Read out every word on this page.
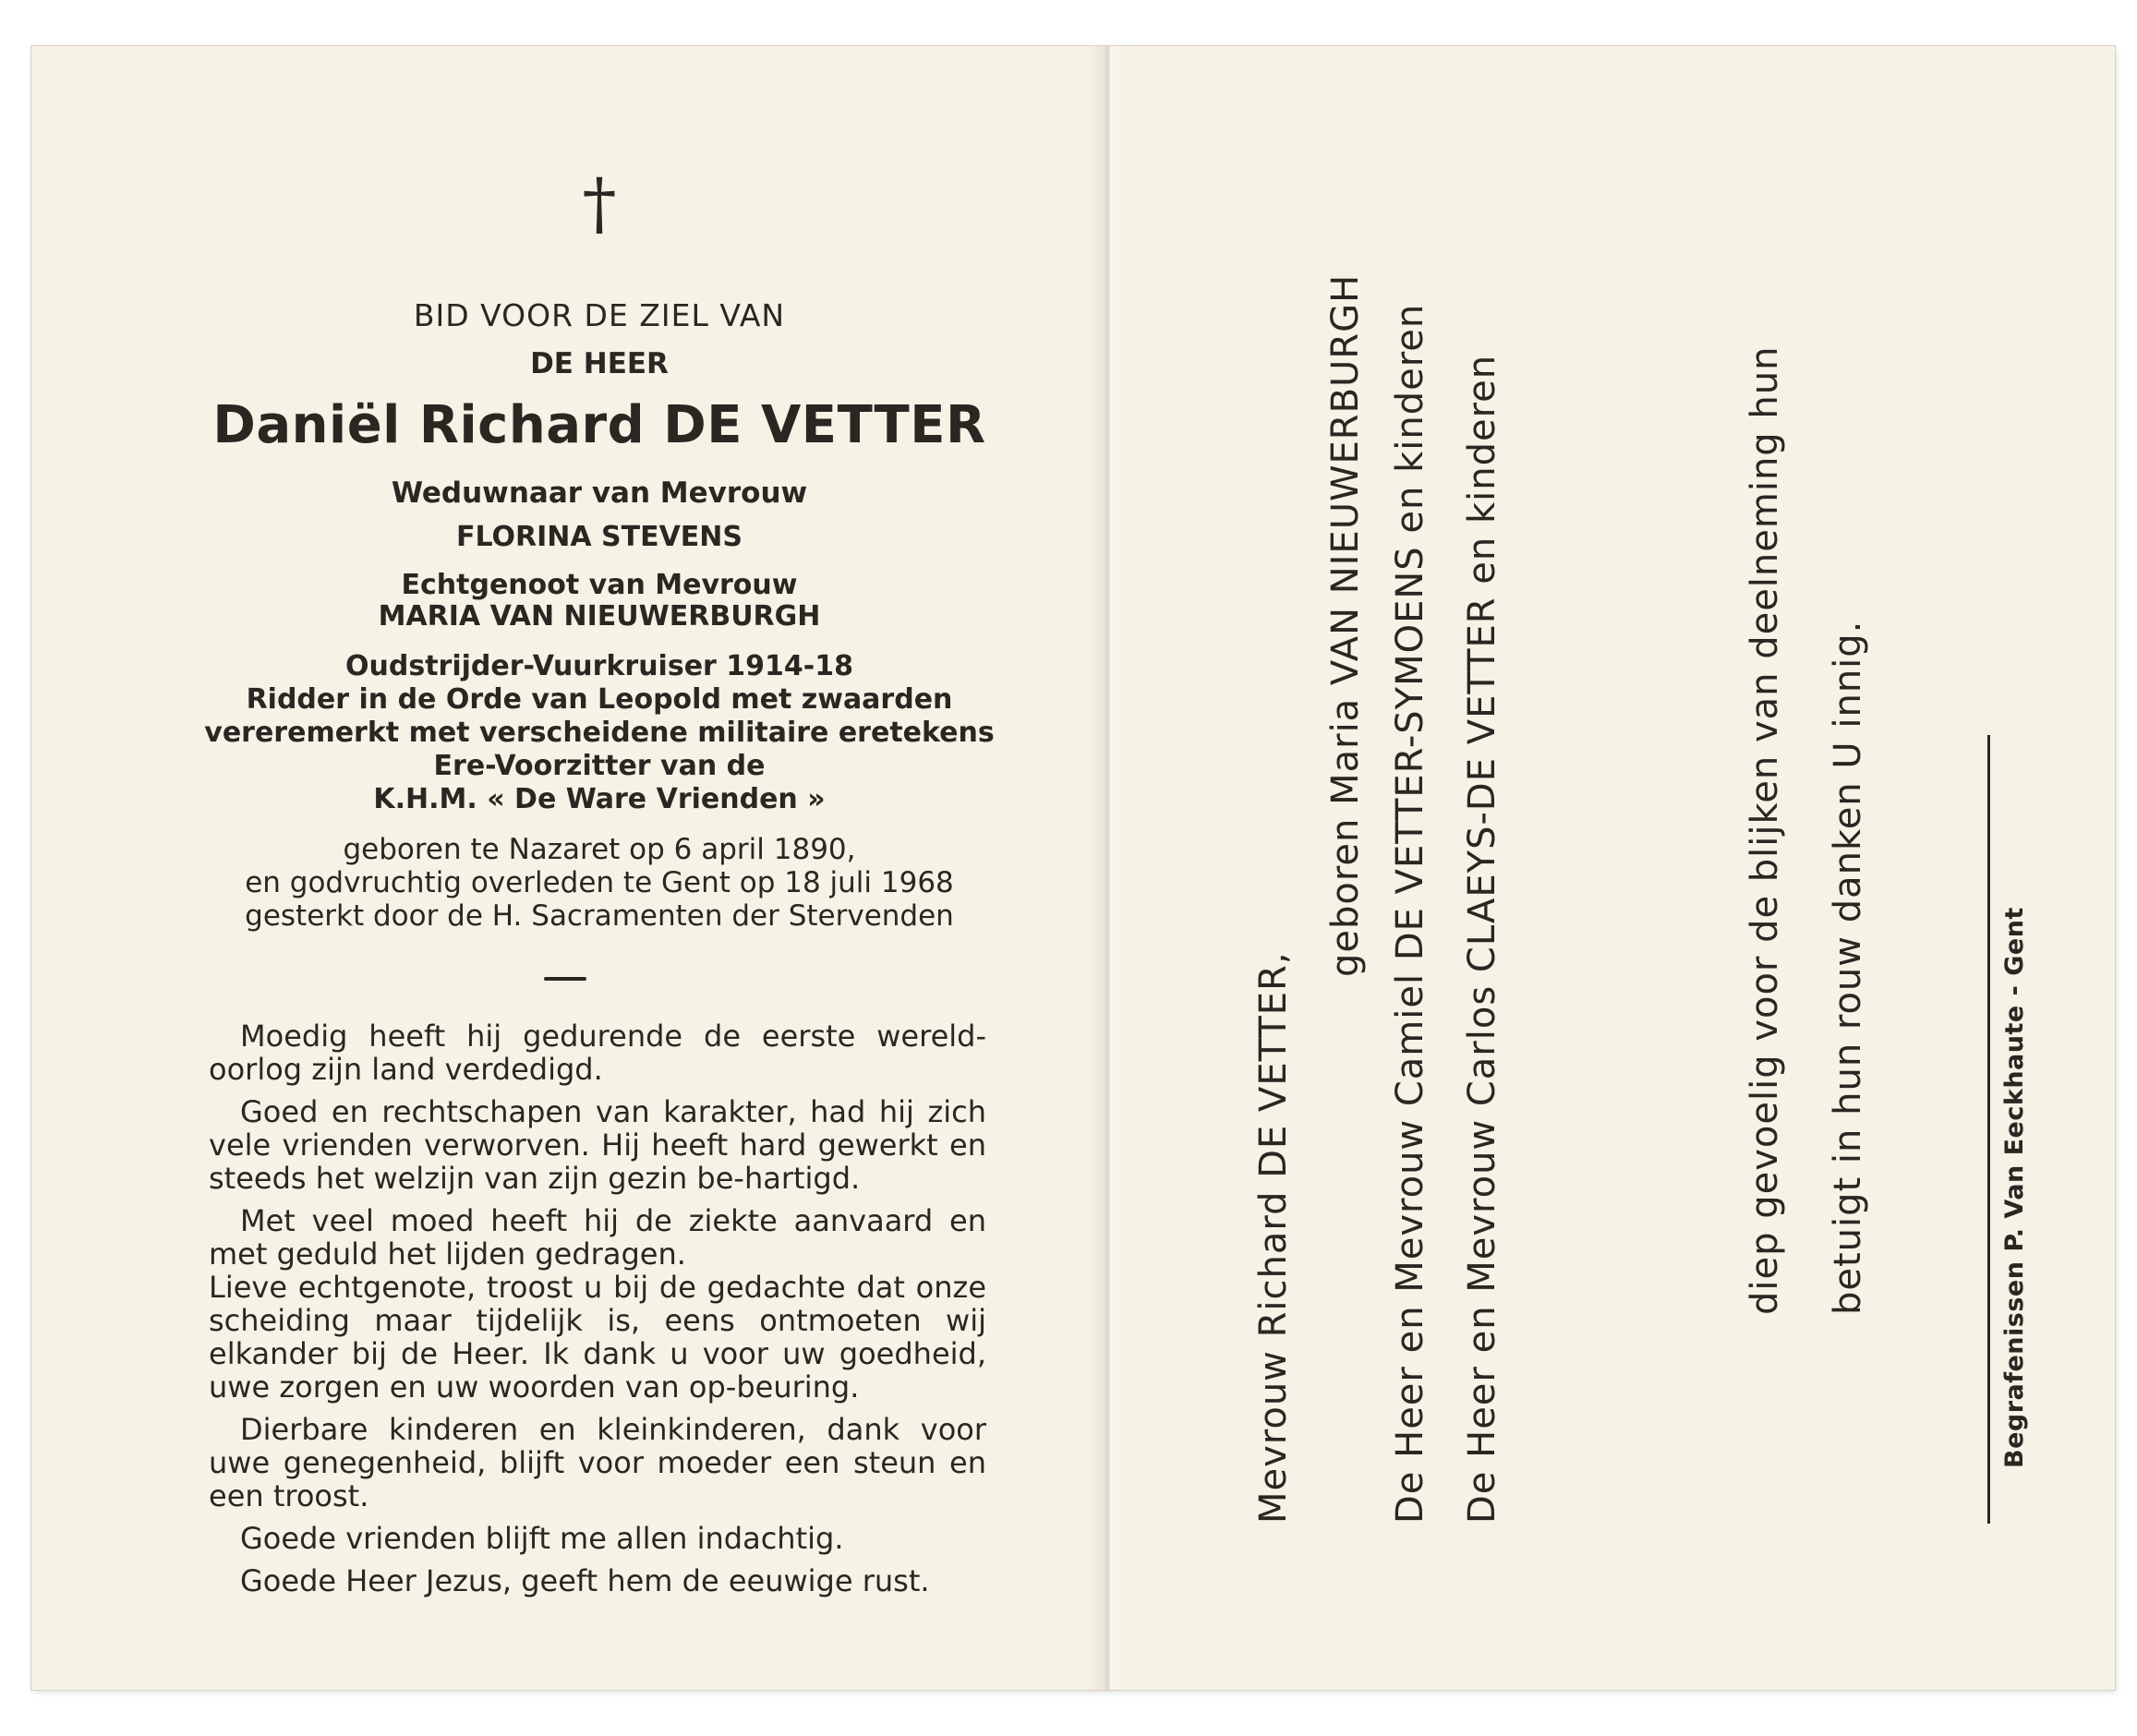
†
BID VOOR DE ZIEL VAN
DE HEER
Daniël Richard DE VETTER
Weduwnaar van Mevrouw
FLORINA STEVENS
Echtgenoot van Mevrouw
MARIA VAN NIEUWERBURGH
Oudstrijder-Vuurkruiser 1914-18
Ridder in de Orde van Leopold met zwaarden
vereremerkt met verscheidene militaire eretekens
Ere-Voorzitter van de
K.H.M. « De Ware Vrienden »
geboren te Nazaret op 6 april 1890,
en godvruchtig overleden te Gent op 18 juli 1968
gesterkt door de H. Sacramenten der Stervenden
Moedig heeft hij gedurende de eerste wereld-oorlog zijn land verdedigd.
Goed en rechtschapen van karakter, had hij zich vele vrienden verworven. Hij heeft hard gewerkt en steeds het welzijn van zijn gezin be-hartigd.
Met veel moed heeft hij de ziekte aanvaard en met geduld het lijden gedragen.
Lieve echtgenote, troost u bij de gedachte dat onze scheiding maar tijdelijk is, eens ontmoeten wij elkander bij de Heer. Ik dank u voor uw goedheid, uwe zorgen en uw woorden van op-beuring.
Dierbare kinderen en kleinkinderen, dank voor uwe genegenheid, blijft voor moeder een steun en een troost.
Goede vrienden blijft me allen indachtig.
Goede Heer Jezus, geeft hem de eeuwige rust.
Mevrouw Richard DE VETTER,
geboren Maria VAN NIEUWERBURGH De Heer en Mevrouw Camiel DE VETTER-SYMOENS en kinderen De Heer en Mevrouw Carlos CLAEYS-DE VETTER en kinderen	diep gevoelig voor de blijken van deelneming hun betuigt in hun rouw danken U innig.	Begrafenissen P. Van Eeckhaute - Gent
